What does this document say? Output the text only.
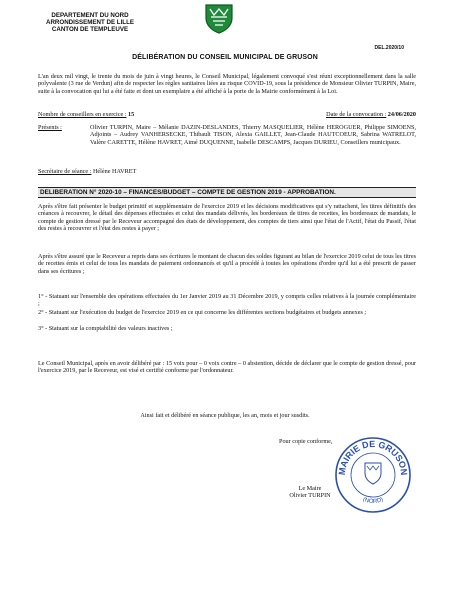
DEPARTEMENT DU NORD
ARRONDISSEMENT DE LILLE
CANTON DE TEMPLEUVE
DEL.2020/10
DÉLIBÉRATION DU CONSEIL MUNICIPAL DE GRUSON
L'an deux mil vingt, le trente du mois de juin à vingt heures, le Conseil Municipal, légalement convoqué s'est réuni exceptionnellement dans la salle polyvalente (3 rue de Verdun) afin de respecter les règles sanitaires liées au risque COVID-19, sous la présidence de Monsieur Olivier TURPIN, Maire, suite à la convocation qui lui a été faite et dont un exemplaire a été affiché à la porte de la Mairie conformément à la Loi.
Nombre de conseillers en exercice : 15	Date de la convocation : 24/06/2020
Présents :	Olivier TURPIN, Maire – Mélanie DAZIN-DESLANDES, Thierry MASQUELIER, Hélène HEROGUER, Philippe SIMOENS, Adjoints – Audrey VANHERSECKE, Thibault TISON, Alexia GAILLET, Jean-Claude HAUTCOEUR, Sabrina WATRELOT, Valère CARETTE, Hélène HAVRET, Aimé DUQUENNE, Isabelle DESCAMPS, Jacques DURIEU, Conseillers municipaux.
Secrétaire de séance : Hélène HAVRET
DELIBERATION N° 2020-10 – FINANCES/BUDGET – COMPTE DE GESTION 2019 - APPROBATION.
Après s'être fait présenter le budget primitif et supplémentaire de l'exercice 2019 et les décisions modificatives qui s'y rattachent, les titres définitifs des créances à recouvrer, le détail des dépenses effectuées et celui des mandats délivrés, les bordereaux de titres de recettes, les bordereaux de mandats, le compte de gestion dressé par le Receveur accompagné des états de développement, des comptes de tiers ainsi que l'état de l'Actif, l'état du Passif, l'état des restes à recouvrer et l'état des restes à payer ;
Après s'être assuré que le Receveur a repris dans ses écritures le montant de chacun des soldes figurant au bilan de l'exercice 2019 celui de tous les titres de recettes émis et celui de tous les mandats de paiement ordonnancés et qu'il a procédé à toutes les opérations d'ordre qu'il lui a été prescrit de passer dans ses écritures ;
1° - Statuant sur l'ensemble des opérations effectuées du 1er Janvier 2019 au 31 Décembre 2019, y compris celles relatives à la journée complémentaire ;
2° - Statuant sur l'exécution du budget de l'exercice 2019 en ce qui concerne les différentes sections budgétaires et budgets annexes ;
3° - Statuant sur la comptabilité des valeurs inactives ;
Le Conseil Municipal, après en avoir délibéré par : 15 voix pour – 0 voix contre – 0 abstention, décide de déclarer que le compte de gestion dressé, pour l'exercice 2019, par le Receveur, est visé et certifié conforme par l'ordonnateur.
Ainsi fait et délibéré en séance publique, les an, mois et jour susdits.
Pour copie conforme,
Le Maire
Olivier TURPIN
MAIRIE DE GRUSON
(NORD)
